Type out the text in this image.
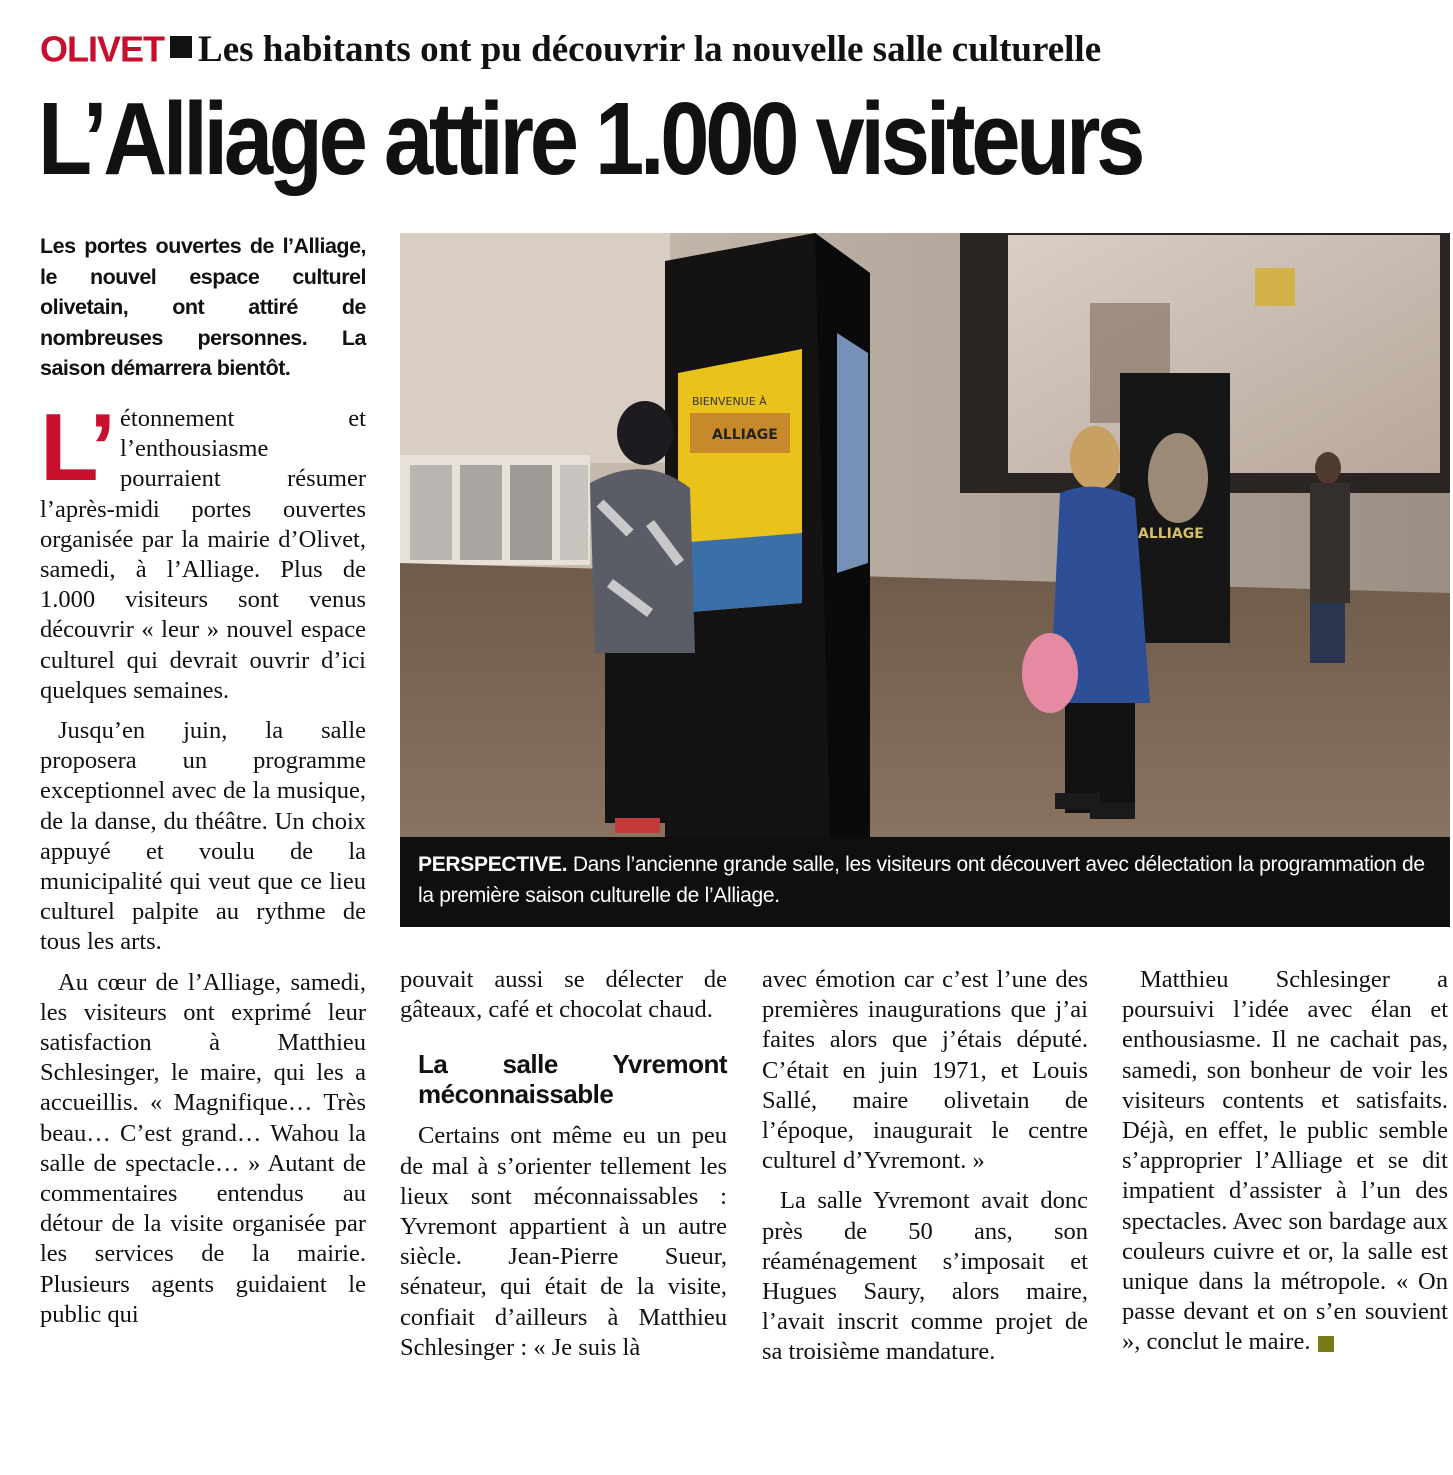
OLIVET Les habitants ont pu découvrir la nouvelle salle culturelle
L’Alliage attire 1.000 visiteurs
Les portes ouvertes de l’Alliage, le nouvel espace culturel olivetain, ont attiré de nombreuses personnes. La saison démarrera bientôt.
BIENVENUE À
ALLIAGE
ALLIAGE
PERSPECTIVE. Dans l’ancienne grande salle, les visiteurs ont découvert avec délectation la programmation de la première saison culturelle de l’Alliage.

L’ étonnement et l’enthousiasme pourraient résumer l’après-midi portes ouvertes organisée par la mairie d’Olivet, samedi, à l’Alliage. Plus de 1.000 visiteurs sont venus découvrir « leur » nouvel espace culturel qui devrait ouvrir d’ici quelques semaines.

Jusqu’en juin, la salle proposera un programme exceptionnel avec de la musique, de la danse, du théâtre. Un choix appuyé et voulu de la municipalité qui veut que ce lieu culturel palpite au rythme de tous les arts.

Au cœur de l’Alliage, samedi, les visiteurs ont exprimé leur satisfaction à Matthieu Schlesinger, le maire, qui les a accueillis. « Magnifique… Très beau… C’est grand… Wahou la salle de spectacle… » Autant de commentaires entendus au détour de la visite organisée par les services de la mairie. Plusieurs agents guidaient le public qui

pouvait aussi se délecter de gâteaux, café et chocolat chaud.

La salle Yvremont méconnaissable

Certains ont même eu un peu de mal à s’orienter tellement les lieux sont méconnaissables : Yvremont appartient à un autre siècle. Jean-Pierre Sueur, sénateur, qui était de la visite, confiait d’ailleurs à Matthieu Schlesinger : « Je suis là

avec émotion car c’est l’une des premières inaugurations que j’ai faites alors que j’étais député. C’était en juin 1971, et Louis Sallé, maire olivetain de l’époque, inaugurait le centre culturel d’Yvremont. »

La salle Yvremont avait donc près de 50 ans, son réaménagement s’imposait et Hugues Saury, alors maire, l’avait inscrit comme projet de sa troisième mandature.

Matthieu Schlesinger a poursuivi l’idée avec élan et enthousiasme. Il ne cachait pas, samedi, son bonheur de voir les visiteurs contents et satisfaits. Déjà, en effet, le public semble s’approprier l’Alliage et se dit impatient d’assister à l’un des spectacles. Avec son bardage aux couleurs cuivre et or, la salle est unique dans la métropole. « On passe devant et on s’en souvient », conclut le maire.
